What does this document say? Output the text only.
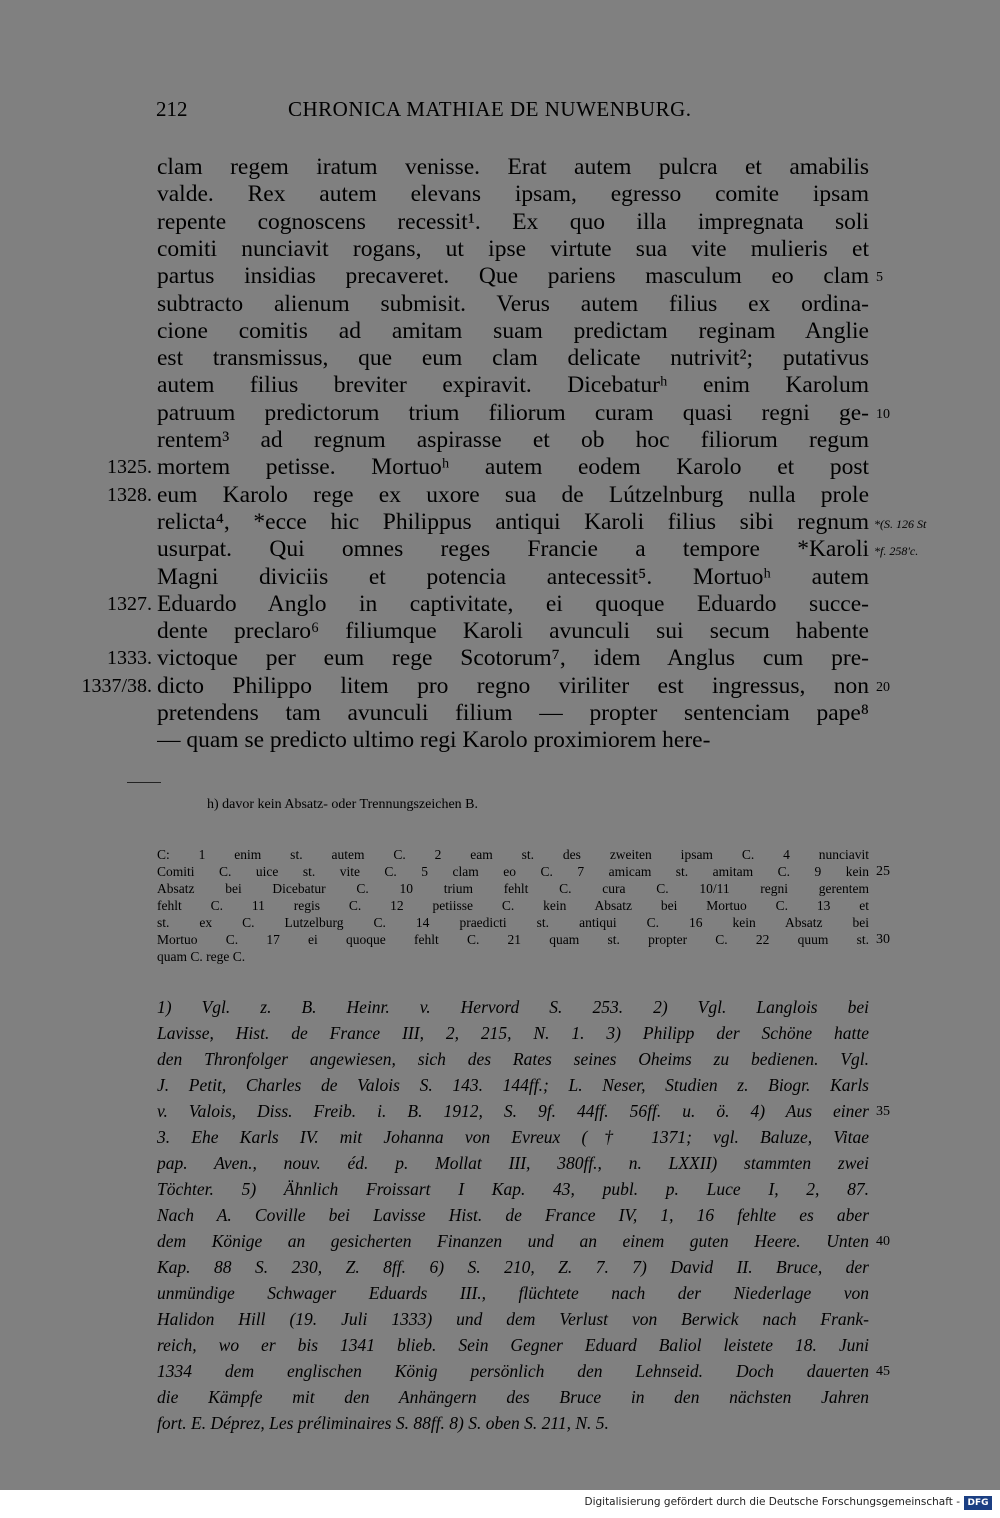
212	CHRONICA MATHIAE DE NUWENBURG.
clam regem iratum venisse. Erat autem pulcra et amabilis
valde. Rex autem elevans ipsam, egresso comite ipsam
repente cognoscens recessit¹. Ex quo illa impregnata soli
comiti nunciavit rogans, ut ipse virtute sua vite mulieris et
partus insidias precaveret. Que pariens masculum eo clam
subtracto alienum submisit. Verus autem filius ex ordina-
cione comitis ad amitam suam predictam reginam Anglie
est transmissus, que eum clam delicate nutrivit²; putativus
autem filius breviter expiravit. Dicebaturʰ enim Karolum
patruum predictorum trium filiorum curam quasi regni ge-
rentem³ ad regnum aspirasse et ob hoc filiorum regum
mortem petisse. Mortuoʰ autem eodem Karolo et post
eum Karolo rege ex uxore sua de Lútzelnburg nulla prole
relicta⁴, *ecce hic Philippus antiqui Karoli filius sibi regnum
usurpat. Qui omnes reges Francie a tempore *Karoli
Magni diviciis et potencia antecessit⁵. Mortuoʰ autem
Eduardo Anglo in captivitate, ei quoque Eduardo succe-
dente preclaro⁶ filiumque Karoli avunculi sui secum habente
victoque per eum rege Scotorum⁷, idem Anglus cum pre-
dicto Philippo litem pro regno viriliter est ingressus, non
pretendens tam avunculi filium — propter sentenciam pape⁸
— quam se predicto ultimo regi Karolo proximiorem here-
1325.
1328.
1327.
1333.
1337/38.
5
10
20
*(S. 126 St
*f. 258'c.
h) davor kein Absatz- oder Trennungszeichen B.
C: 1 enim st. autem C. 2 eam st. des zweiten ipsam C. 4 nunciavit
Comiti C. uice st. vite C. 5 clam eo C. 7 amicam st. amitam C. 9 kein
Absatz bei Dicebatur C. 10 trium fehlt C. cura C. 10/11 regni gerentem
fehlt C. 11 regis C. 12 petiisse C. kein Absatz bei Mortuo C. 13 et
st. ex C. Lutzelburg C. 14 praedicti st. antiqui C. 16 kein Absatz bei
Mortuo C. 17 ei quoque fehlt C. 21 quam st. propter C. 22 quum st.
quam C. rege C.
25
30
1) Vgl. z. B. Heinr. v. Hervord S. 253. 2) Vgl. Langlois bei
Lavisse, Hist. de France III, 2, 215, N. 1. 3) Philipp der Schöne hatte
den Thronfolger angewiesen, sich des Rates seines Oheims zu bedienen. Vgl.
J. Petit, Charles de Valois S. 143. 144ff.; L. Neser, Studien z. Biogr. Karls
v. Valois, Diss. Freib. i. B. 1912, S. 9f. 44ff. 56ff. u. ö. 4) Aus einer
3. Ehe Karls IV. mit Johanna von Evreux († 1371; vgl. Baluze, Vitae
pap. Aven., nouv. éd. p. Mollat III, 380ff., n. LXXII) stammten zwei
Töchter. 5) Ähnlich Froissart I Kap. 43, publ. p. Luce I, 2, 87.
Nach A. Coville bei Lavisse Hist. de France IV, 1, 16 fehlte es aber
dem Könige an gesicherten Finanzen und an einem guten Heere. Unten
Kap. 88 S. 230, Z. 8ff. 6) S. 210, Z. 7. 7) David II. Bruce, der
unmündige Schwager Eduards III., flüchtete nach der Niederlage von
Halidon Hill (19. Juli 1333) und dem Verlust von Berwick nach Frank-
reich, wo er bis 1341 blieb. Sein Gegner Eduard Baliol leistete 18. Juni
1334 dem englischen König persönlich den Lehnseid. Doch dauerten
die Kämpfe mit den Anhängern des Bruce in den nächsten Jahren
fort. E. Déprez, Les préliminaires S. 88ff. 8) S. oben S. 211, N. 5.
35
40
45
Digitalisierung gefördert durch die Deutsche Forschungsgemeinschaft - DFG
